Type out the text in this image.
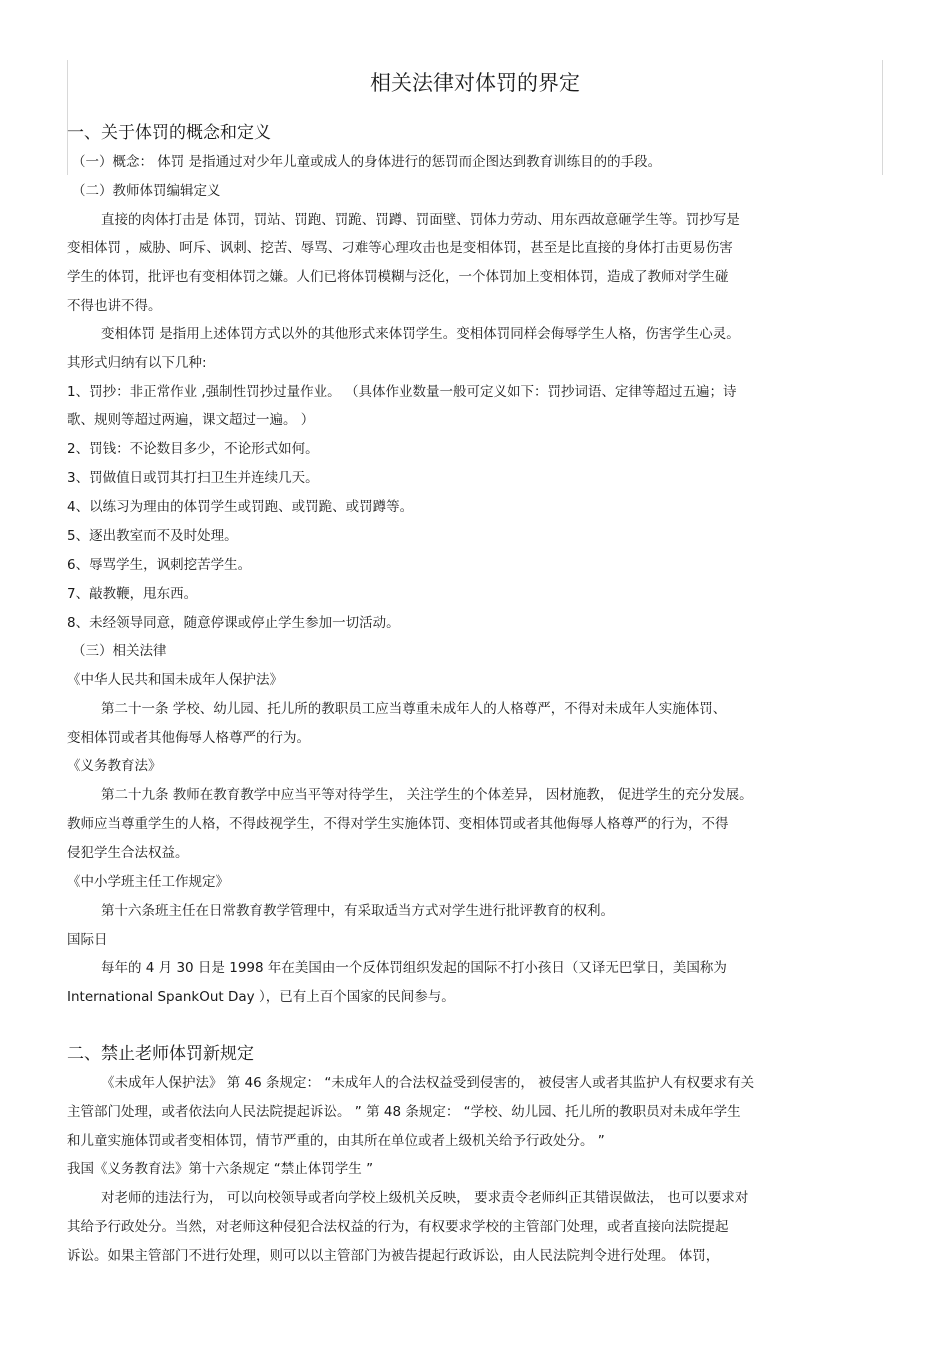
相关法律对体罚的界定
一、关于体罚的概念和定义
（一）概念： 体罚 是指通过对少年儿童或成人的身体进行的惩罚而企图达到教育训练目的的手段。
（二）教师体罚编辑定义
直接的肉体打击是 体罚，罚站、罚跑、罚跪、罚蹲、罚面壁、罚体力劳动、用东西故意砸学生等。罚抄写是
变相体罚 ，威胁、呵斥、讽刺、挖苦、辱骂、刁难等心理攻击也是变相体罚，甚至是比直接的身体打击更易伤害
学生的体罚，批评也有变相体罚之嫌。人们已将体罚模糊与泛化，一个体罚加上变相体罚，造成了教师对学生碰
不得也讲不得。
变相体罚 是指用上述体罚方式以外的其他形式来体罚学生。变相体罚同样会侮辱学生人格，伤害学生心灵。
其形式归纳有以下几种:
1、罚抄：非正常作业 ,强制性罚抄过量作业。 （具体作业数量一般可定义如下：罚抄词语、定律等超过五遍；诗
歌、规则等超过两遍，课文超过一遍。 ）
2、罚钱：不论数目多少，不论形式如何。
3、罚做值日或罚其打扫卫生并连续几天。
4、以练习为理由的体罚学生或罚跑、或罚跪、或罚蹲等。
5、逐出教室而不及时处理。
6、辱骂学生，讽刺挖苦学生。
7、敲教鞭，甩东西。
8、未经领导同意，随意停课或停止学生参加一切活动。
（三）相关法律
《中华人民共和国未成年人保护法》
第二十一条 学校、幼儿园、托儿所的教职员工应当尊重未成年人的人格尊严，不得对未成年人实施体罚、
变相体罚或者其他侮辱人格尊严的行为。
《义务教育法》
第二十九条 教师在教育教学中应当平等对待学生， 关注学生的个体差异， 因材施教， 促进学生的充分发展。
教师应当尊重学生的人格，不得歧视学生，不得对学生实施体罚、变相体罚或者其他侮辱人格尊严的行为，不得
侵犯学生合法权益。
《中小学班主任工作规定》
第十六条班主任在日常教育教学管理中，有采取适当方式对学生进行批评教育的权利。
国际日
每年的 4 月 30 日是 1998 年在美国由一个反体罚组织发起的国际不打小孩日（又译无巴掌日，美国称为
International SpankOut Day ），已有上百个国家的民间参与。
二、禁止老师体罚新规定
《未成年人保护法》 第 46 条规定： “未成年人的合法权益受到侵害的， 被侵害人或者其监护人有权要求有关
主管部门处理，或者依法向人民法院提起诉讼。 ” 第 48 条规定： “学校、幼儿园、托儿所的教职员对未成年学生
和儿童实施体罚或者变相体罚，情节严重的，由其所在单位或者上级机关给予行政处分。 ”
我国《义务教育法》第十六条规定 “禁止体罚学生 ”
对老师的违法行为， 可以向校领导或者向学校上级机关反映， 要求责令老师纠正其错误做法， 也可以要求对
其给予行政处分。当然，对老师这种侵犯合法权益的行为，有权要求学校的主管部门处理，或者直接向法院提起
诉讼。如果主管部门不进行处理，则可以以主管部门为被告提起行政诉讼，由人民法院判令进行处理。 体罚，
